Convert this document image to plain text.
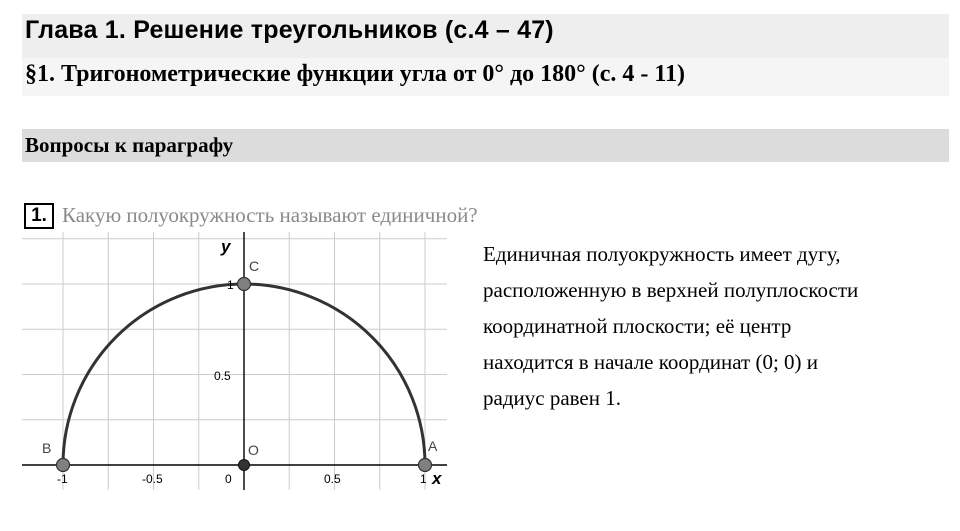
Глава 1. Решение треугольников (с.4 – 47)
§1. Тригонометрические функции угла от 0° до 180° (с. 4 - 11)
Вопросы к параграфу
1. Какую полуокружность называют единичной?
Единичная полуокружность имеет дугу,
расположенную в верхней полуплоскости
координатной плоскости; её центр
находится в начале координат (0; 0) и
радиус равен 1.
y
x
-1	-0.5	0	0.5	1
0.5
1
B	A
C
O
